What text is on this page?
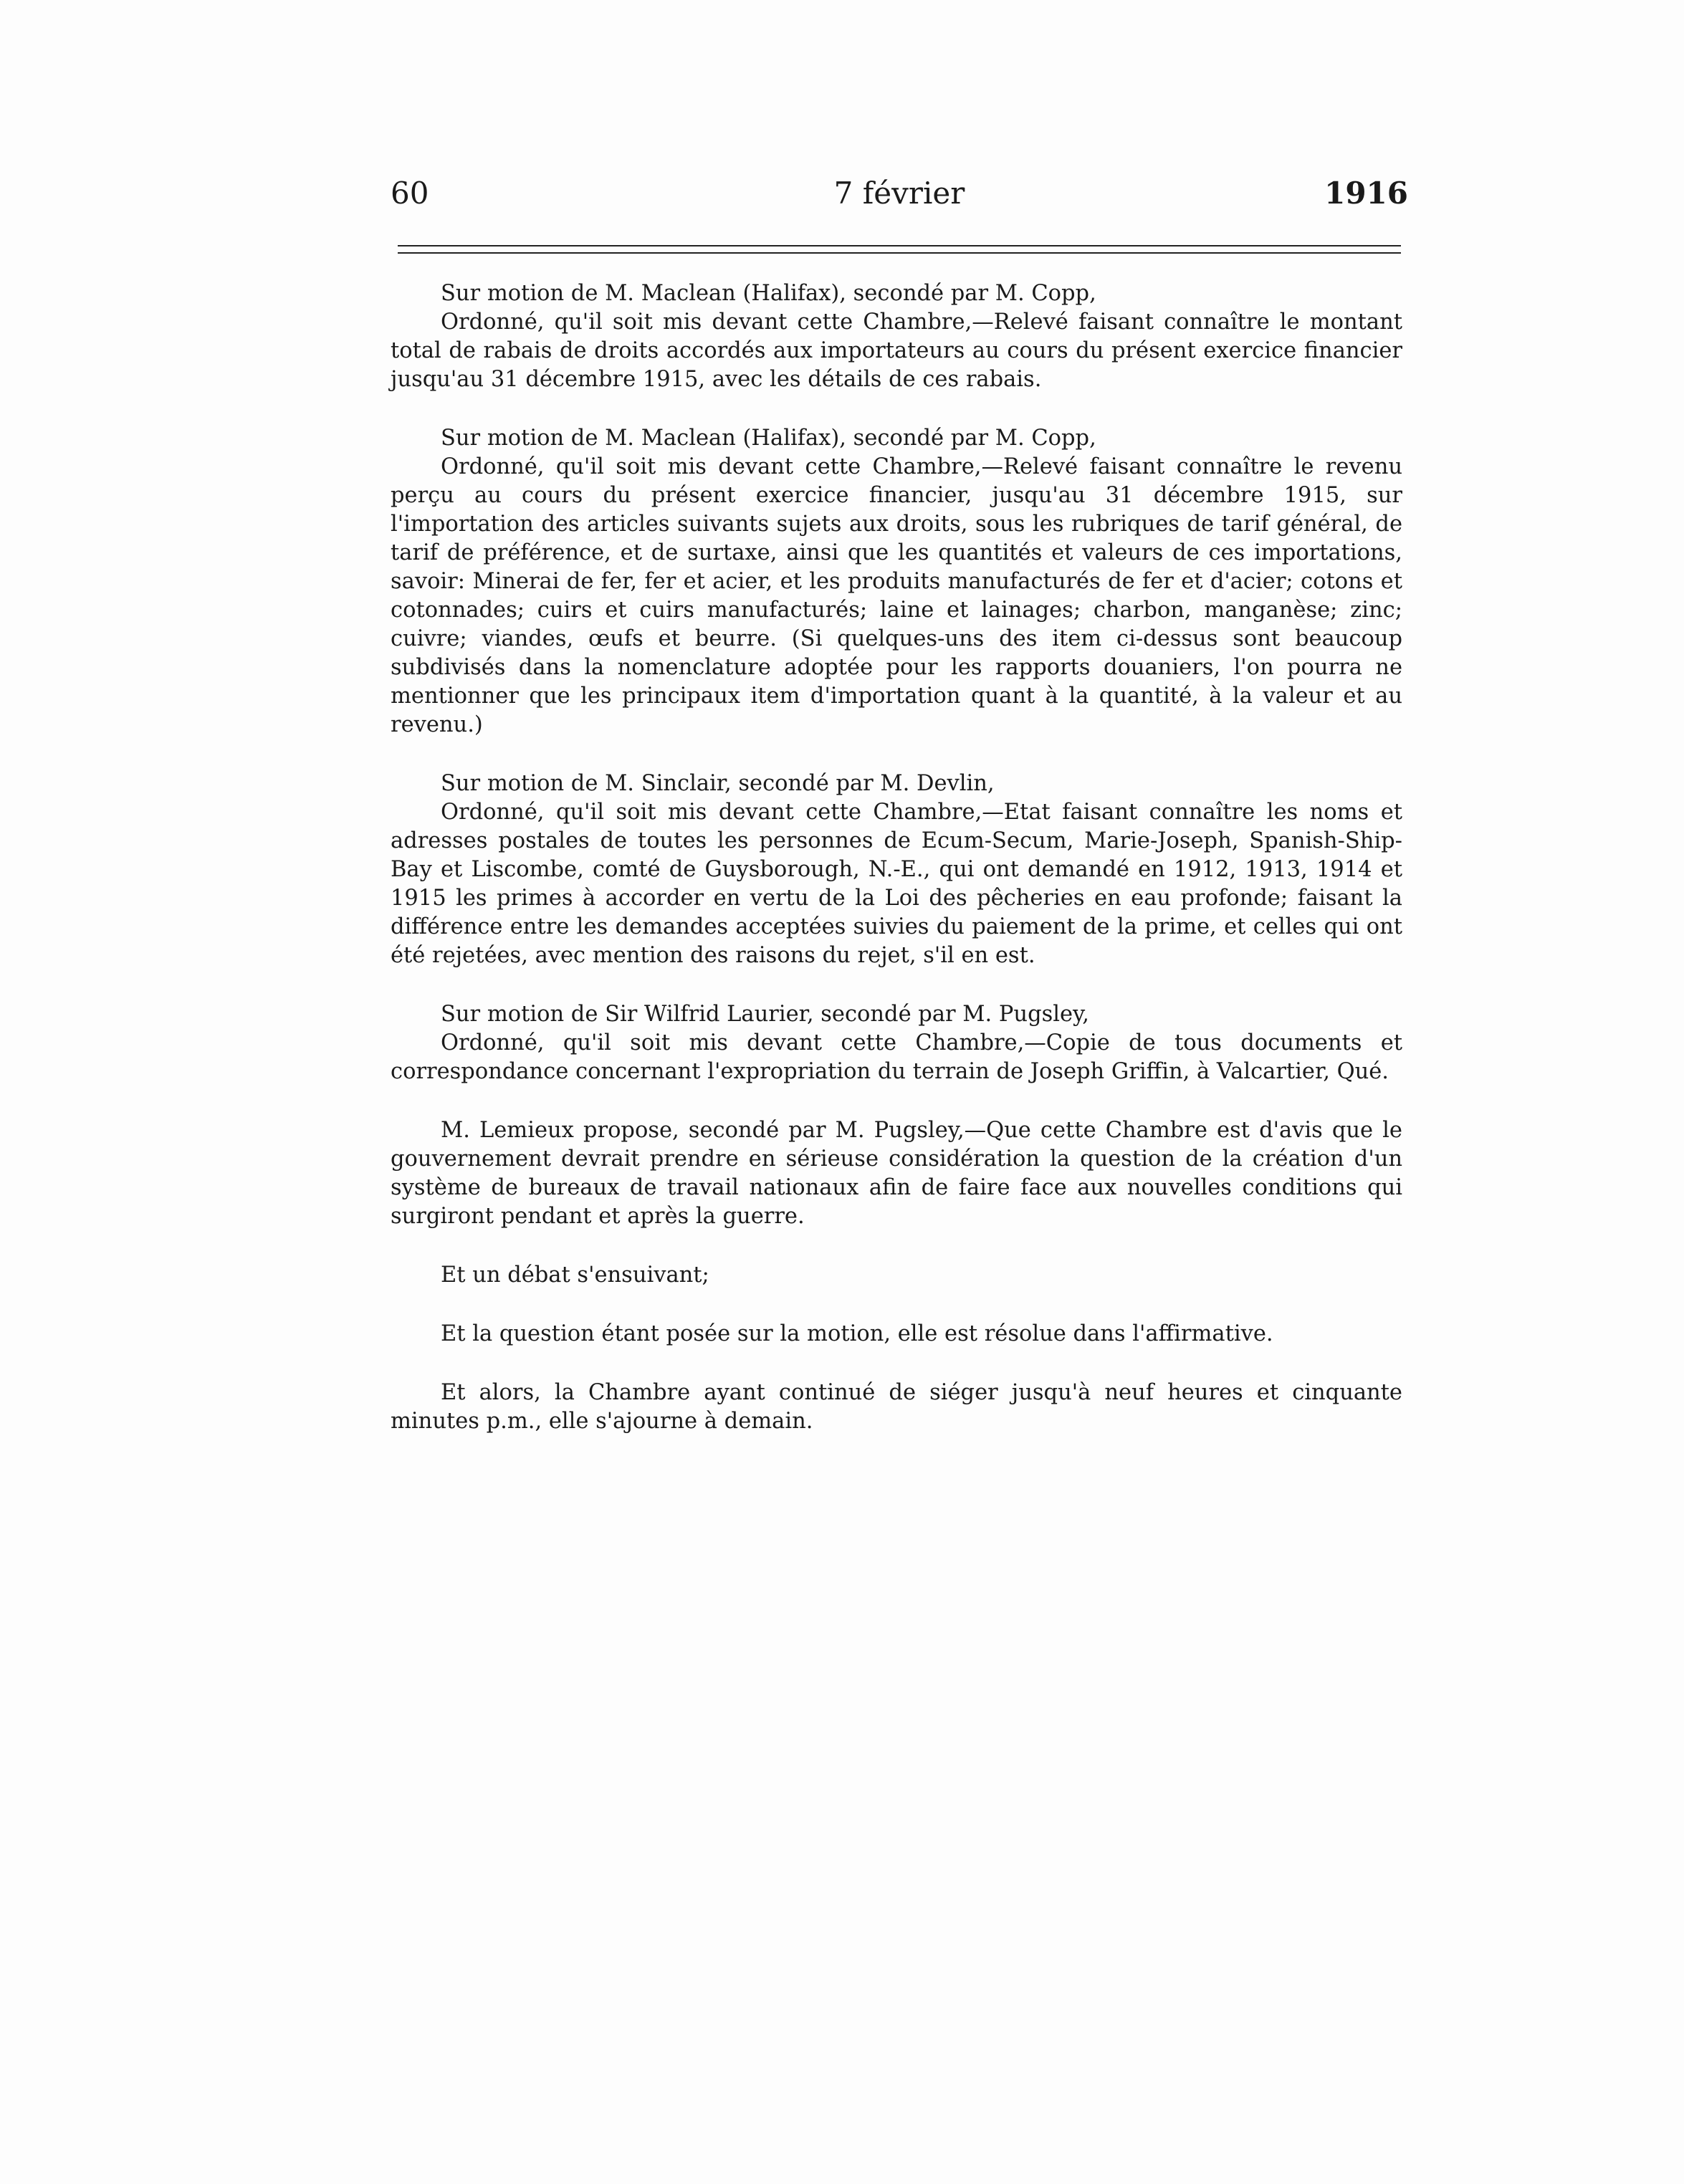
60	7 février	1916

Sur motion de M. Maclean (Halifax), secondé par M. Copp,

Ordonné, qu'il soit mis devant cette Chambre,—Relevé faisant connaître le montant total de rabais de droits accordés aux importateurs au cours du présent exercice financier jusqu'au 31 décembre 1915, avec les détails de ces rabais.

Sur motion de M. Maclean (Halifax), secondé par M. Copp,

Ordonné, qu'il soit mis devant cette Chambre,—Relevé faisant connaître le revenu perçu au cours du présent exercice financier, jusqu'au 31 décembre 1915, sur l'importation des articles suivants sujets aux droits, sous les rubriques de tarif général, de tarif de préférence, et de surtaxe, ainsi que les quantités et valeurs de ces importations, savoir: Minerai de fer, fer et acier, et les produits manufacturés de fer et d'acier; cotons et cotonnades; cuirs et cuirs manufacturés; laine et lainages; charbon, manganèse; zinc; cuivre; viandes, œufs et beurre. (Si quelques-uns des item ci-dessus sont beaucoup subdivisés dans la nomenclature adoptée pour les rapports douaniers, l'on pourra ne mentionner que les principaux item d'importation quant à la quantité, à la valeur et au revenu.)

Sur motion de M. Sinclair, secondé par M. Devlin,

Ordonné, qu'il soit mis devant cette Chambre,—Etat faisant connaître les noms et adresses postales de toutes les personnes de Ecum-Secum, Marie-Joseph, Spanish-Ship-Bay et Liscombe, comté de Guysborough, N.-E., qui ont demandé en 1912, 1913, 1914 et 1915 les primes à accorder en vertu de la Loi des pêcheries en eau profonde; faisant la différence entre les demandes acceptées suivies du paiement de la prime, et celles qui ont été rejetées, avec mention des raisons du rejet, s'il en est.

Sur motion de Sir Wilfrid Laurier, secondé par M. Pugsley,

Ordonné, qu'il soit mis devant cette Chambre,—Copie de tous documents et correspondance concernant l'expropriation du terrain de Joseph Griffin, à Valcartier, Qué.

M. Lemieux propose, secondé par M. Pugsley,—Que cette Chambre est d'avis que le gouvernement devrait prendre en sérieuse considération la question de la création d'un système de bureaux de travail nationaux afin de faire face aux nouvelles conditions qui surgiront pendant et après la guerre.

Et un débat s'ensuivant;

Et la question étant posée sur la motion, elle est résolue dans l'affirmative.

Et alors, la Chambre ayant continué de siéger jusqu'à neuf heures et cinquante minutes p.m., elle s'ajourne à demain.
